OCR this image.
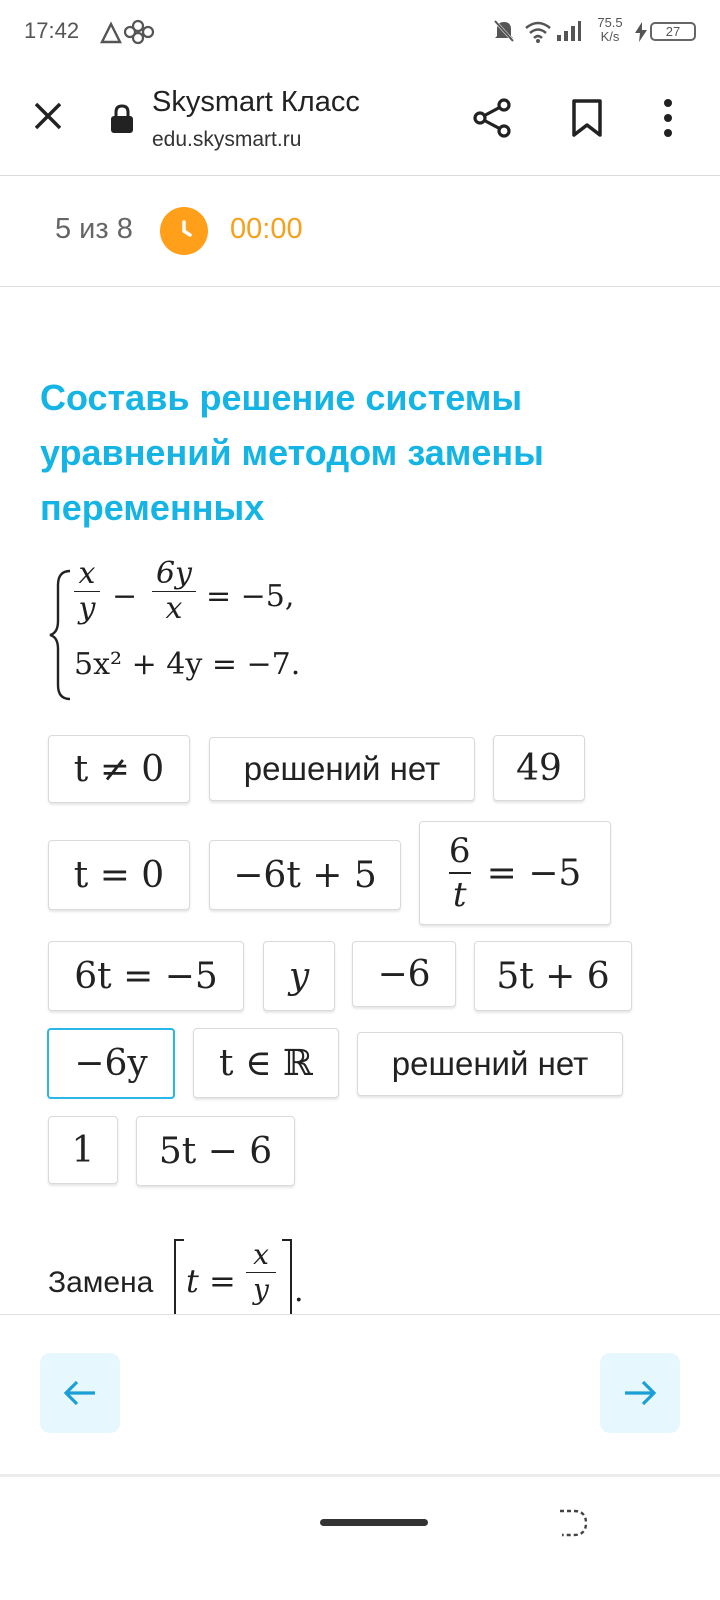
17:42	75.5
K/s	27
Skysmart Класс
edu.skysmart.ru
5 из 8	00:00
Составь решение системы уравнений методом замены переменных
$\frac{x}{y} - \frac{6y}{x} = -5$,
5x² + 4y = −7.
t ≠ 0 решений нет 49
$t = 0 -6t + 5 \frac{6}{t} = -5$
6t = −5 y −6 5t + 6
−6y t ∈ ℝ решений нет
1 5t − 6
Замена $t = \frac{x}{y}$ .
